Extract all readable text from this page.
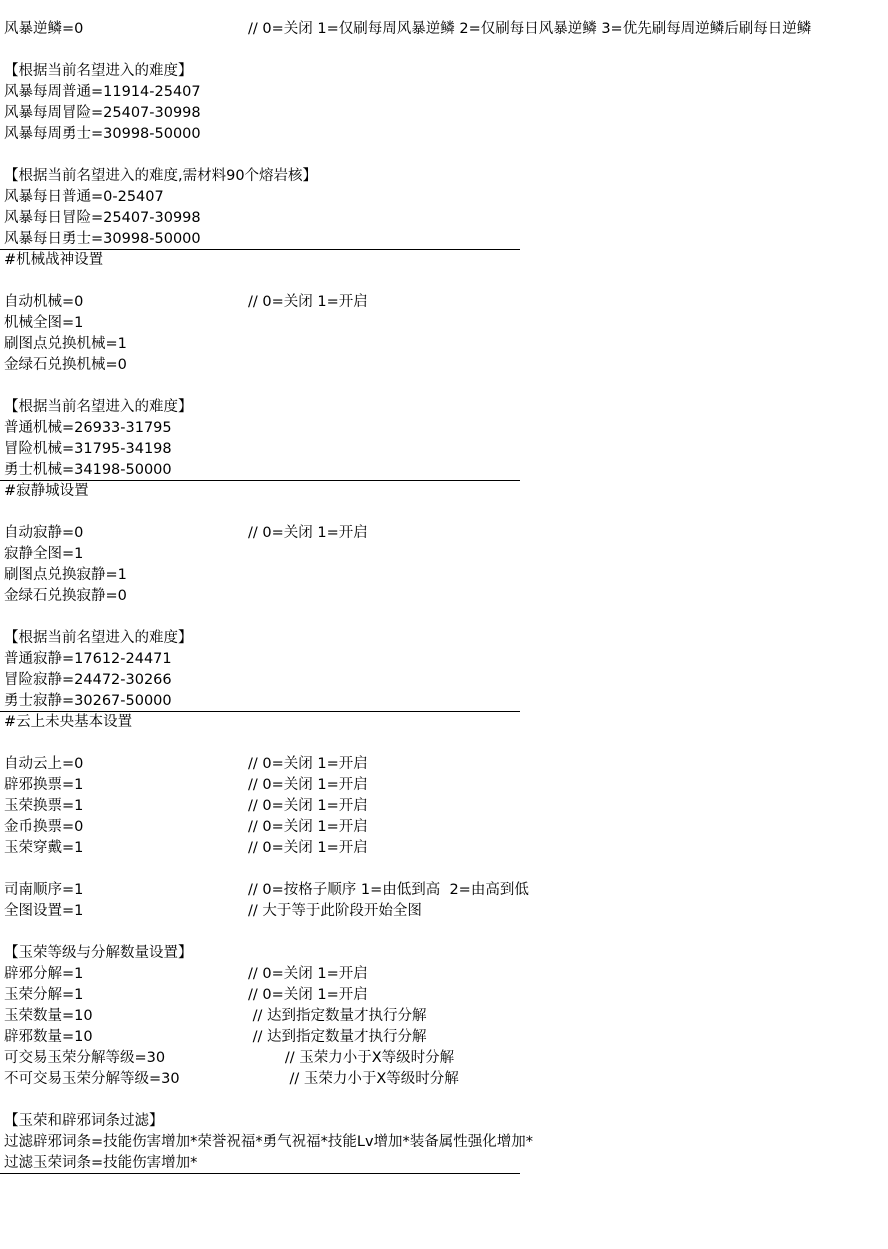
风暴逆鳞=0	// 0=关闭 1=仅刷每周风暴逆鳞 2=仅刷每日风暴逆鳞 3=优先刷每周逆鳞后刷每日逆鳞
【根据当前名望进入的难度】
风暴每周普通=11914-25407
风暴每周冒险=25407-30998
风暴每周勇士=30998-50000
【根据当前名望进入的难度,需材料90个熔岩核】
风暴每日普通=0-25407
风暴每日冒险=25407-30998
风暴每日勇士=30998-50000
#机械战神设置
自动机械=0	// 0=关闭 1=开启
机械全图=1
刷图点兑换机械=1
金绿石兑换机械=0
【根据当前名望进入的难度】
普通机械=26933-31795
冒险机械=31795-34198
勇士机械=34198-50000
#寂静城设置
自动寂静=0	// 0=关闭 1=开启
寂静全图=1
刷图点兑换寂静=1
金绿石兑换寂静=0
【根据当前名望进入的难度】
普通寂静=17612-24471
冒险寂静=24472-30266
勇士寂静=30267-50000
#云上未央基本设置
自动云上=0	// 0=关闭 1=开启
辟邪换票=1	// 0=关闭 1=开启
玉荣换票=1	// 0=关闭 1=开启
金币换票=0	// 0=关闭 1=开启
玉荣穿戴=1	// 0=关闭 1=开启
司南顺序=1	// 0=按格子顺序 1=由低到高  2=由高到低
全图设置=1	// 大于等于此阶段开始全图
【玉荣等级与分解数量设置】
辟邪分解=1	// 0=关闭 1=开启
玉荣分解=1	// 0=关闭 1=开启
玉荣数量=10	// 达到指定数量才执行分解
辟邪数量=10	// 达到指定数量才执行分解
可交易玉荣分解等级=30	// 玉荣力小于X等级时分解
不可交易玉荣分解等级=30	// 玉荣力小于X等级时分解
【玉荣和辟邪词条过滤】
过滤辟邪词条=技能伤害增加*荣誉祝福*勇气祝福*技能Lv增加*装备属性强化增加*
过滤玉荣词条=技能伤害增加*
